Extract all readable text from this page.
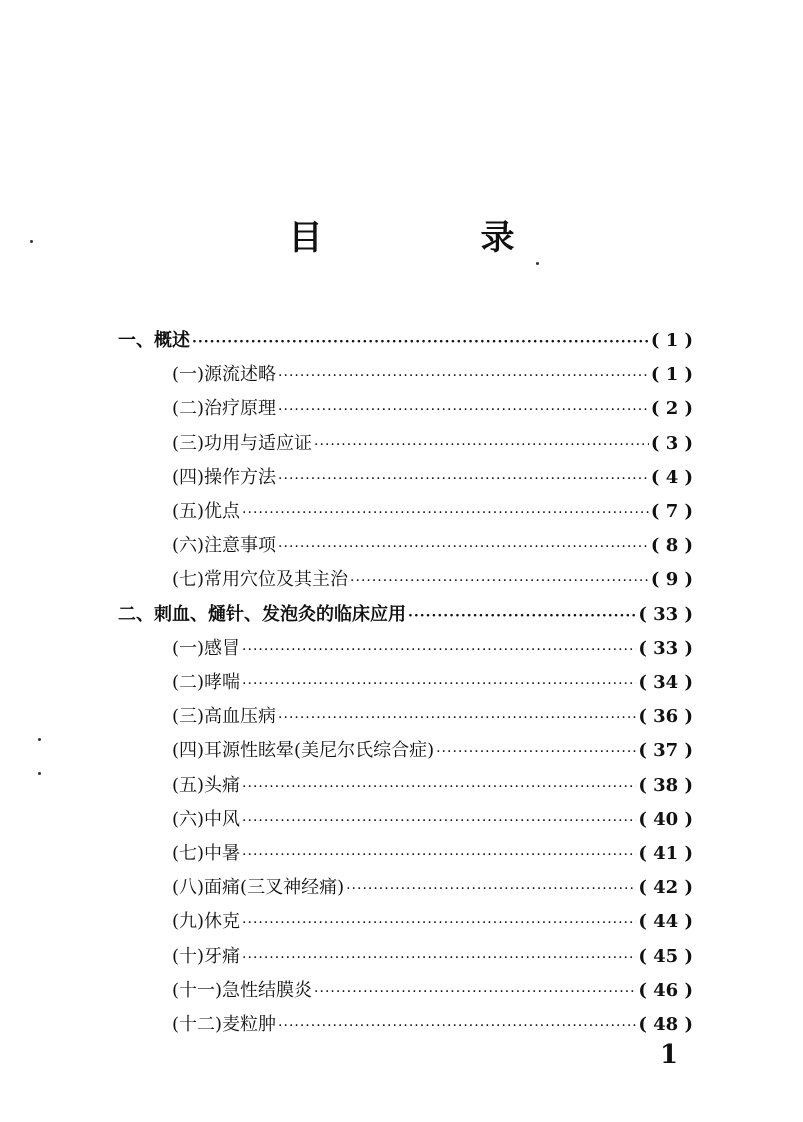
目　录
一、概述 ·····	( 1 )
(一)源流述略 ·····	( 1 )
(二)治疗原理 ·····	( 2 )
(三)功用与适应证 ·····	( 3 )
(四)操作方法 ·····	( 4 )
(五)优点 ·····	( 7 )
(六)注意事项 ·····	( 8 )
(七)常用穴位及其主治 ·····	( 9 )
二、刺血、熥针、发泡灸的临床应用 ·····	( 33 )
(一)感冒 ·····	( 33 )
(二)哮喘 ·····	( 34 )
(三)高血压病 ·····	( 36 )
(四)耳源性眩晕(美尼尔氏综合症) ·····	( 37 )
(五)头痛 ·····	( 38 )
(六)中风 ·····	( 40 )
(七)中暑 ·····	( 41 )
(八)面痛(三叉神经痛) ·····	( 42 )
(九)休克 ·····	( 44 )
(十)牙痛 ·····	( 45 )
(十一)急性结膜炎 ·····	( 46 )
(十二)麦粒肿 ·····	( 48 )
1
